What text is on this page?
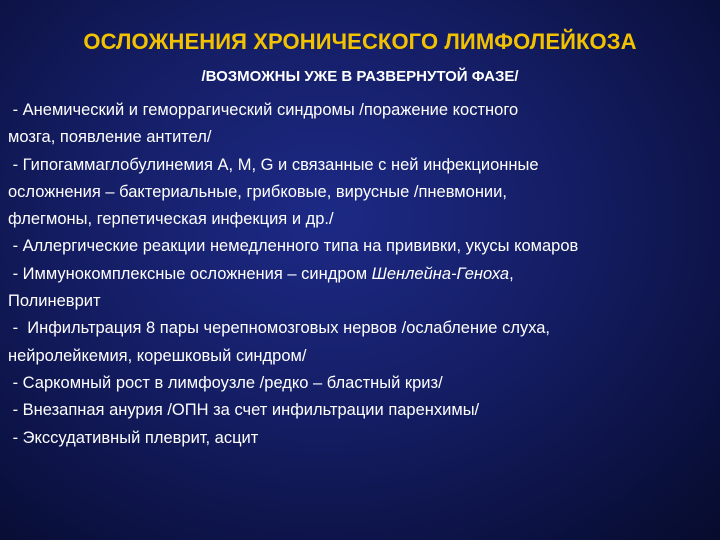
ОСЛОЖНЕНИЯ ХРОНИЧЕСКОГО ЛИМФОЛЕЙКОЗА
/ВОЗМОЖНЫ УЖЕ В РАЗВЕРНУТОЙ ФАЗЕ/
- Анемический и геморрагический синдромы /поражение костного
мозга, появление антител/
- Гипогаммаглобулинемия А, М, G и связанные с ней инфекционные
осложнения – бактериальные, грибковые, вирусные /пневмонии,
флегмоны, герпетическая инфекция и др./
- Аллергические реакции немедленного типа на прививки, укусы комаров
- Иммунокомплексные осложнения – синдром Шенлейна-Геноха,
Полиневрит
-  Инфильтрация 8 пары черепномозговых нервов /ослабление слуха,
нейролейкемия, корешковый синдром/
- Саркомный рост в лимфоузле /редко – бластный криз/
- Внезапная анурия /ОПН за счет инфильтрации паренхимы/
- Экссудативный плеврит, асцит
